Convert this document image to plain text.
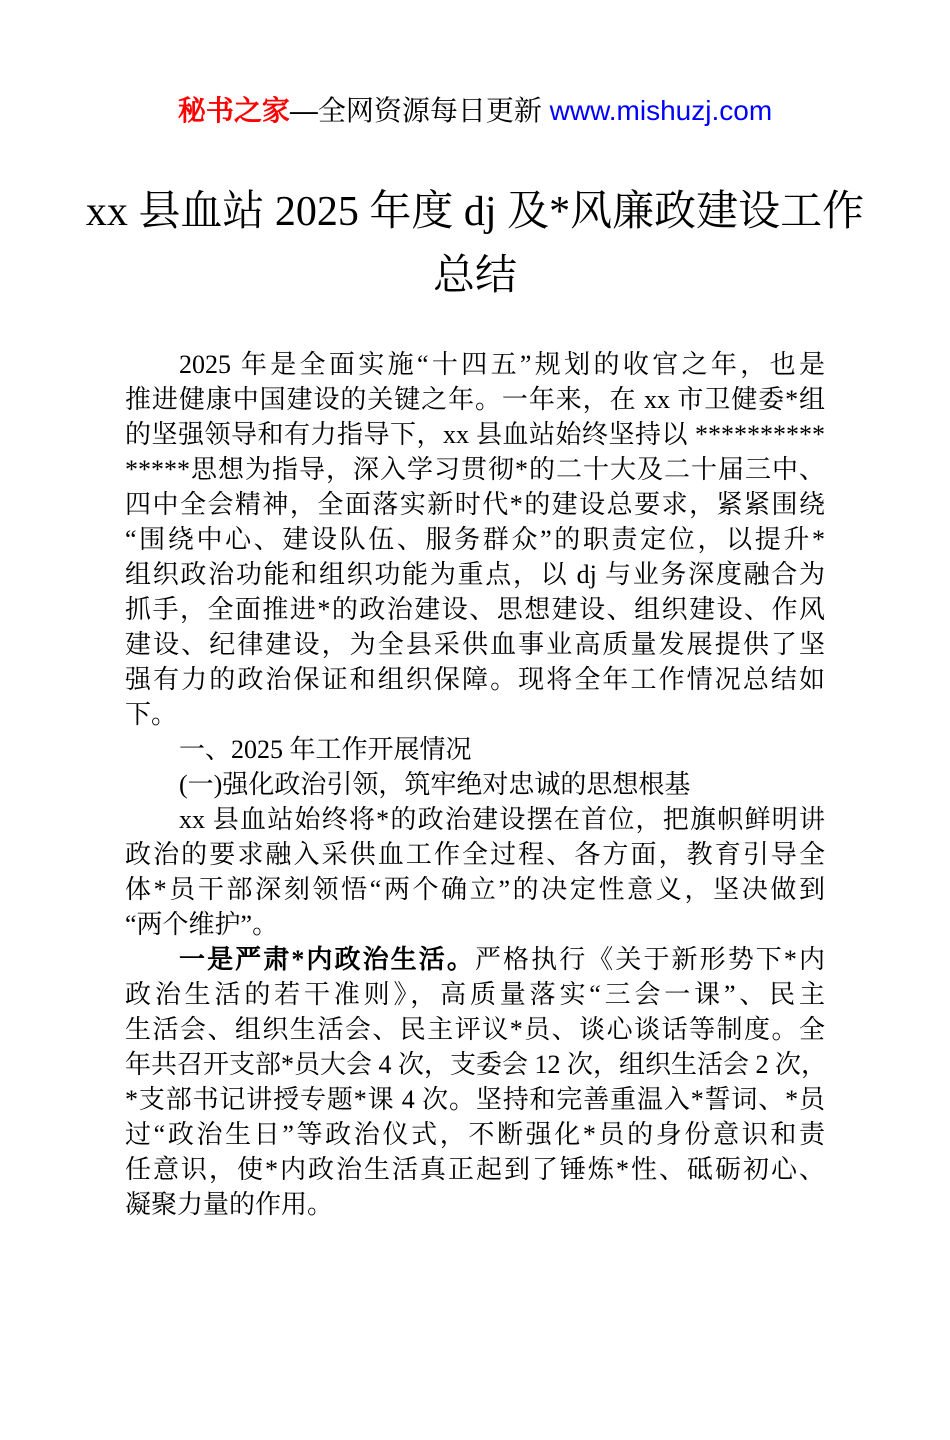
秘书之家—全网资源每日更新 www.mishuzj.com
xx 县血站 2025 年度 dj 及*风廉政建设工作
总结
2025 年是全面实施“十四五”规划的收官之年，也是
推进健康中国建设的关键之年。一年来，在 xx 市卫健委*组
的坚强领导和有力指导下，xx 县血站始终坚持以 **********
*****思想为指导，深入学习贯彻*的二十大及二十届三中、
四中全会精神，全面落实新时代*的建设总要求，紧紧围绕
“围绕中心、建设队伍、服务群众”的职责定位，以提升*
组织政治功能和组织功能为重点，以 dj 与业务深度融合为
抓手，全面推进*的政治建设、思想建设、组织建设、作风
建设、纪律建设，为全县采供血事业高质量发展提供了坚
强有力的政治保证和组织保障。现将全年工作情况总结如
下。
一、2025 年工作开展情况
(一)强化政治引领，筑牢绝对忠诚的思想根基
xx 县血站始终将*的政治建设摆在首位，把旗帜鲜明讲
政治的要求融入采供血工作全过程、各方面，教育引导全
体*员干部深刻领悟“两个确立”的决定性意义，坚决做到
“两个维护”。
一是严肃*内政治生活。严格执行《关于新形势下*内
政治生活的若干准则》，高质量落实“三会一课”、民主
生活会、组织生活会、民主评议*员、谈心谈话等制度。全
年共召开支部*员大会 4 次，支委会 12 次，组织生活会 2 次，
*支部书记讲授专题*课 4 次。坚持和完善重温入*誓词、*员
过“政治生日”等政治仪式，不断强化*员的身份意识和责
任意识，使*内政治生活真正起到了锤炼*性、砥砺初心、
凝聚力量的作用。
